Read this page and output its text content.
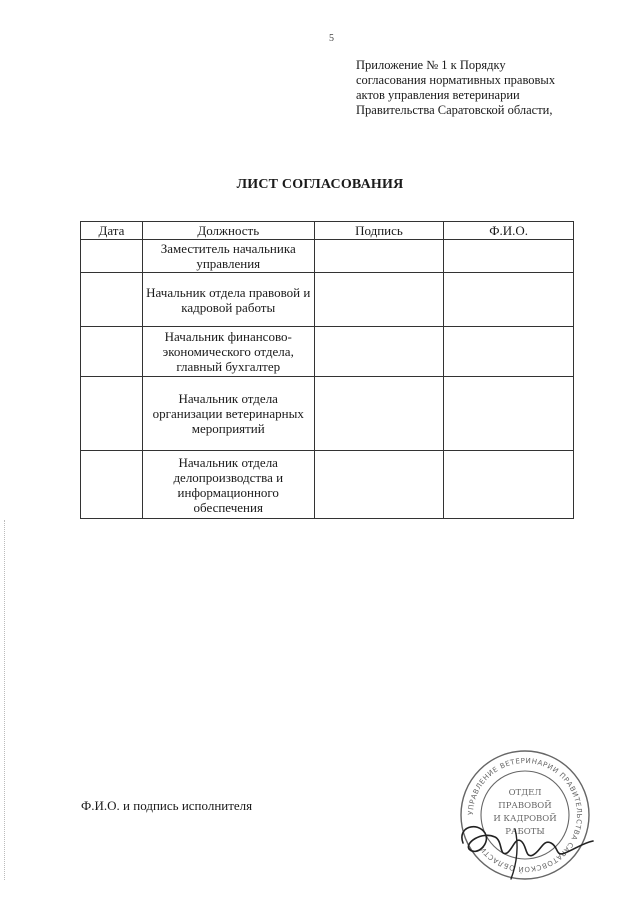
5
Приложение № 1 к Порядку
согласования нормативных правовых
актов управления ветеринарии
Правительства Саратовской области,
ЛИСТ СОГЛАСОВАНИЯ
Дата	Должность	Подпись	Ф.И.О.
	Заместитель начальника управления		
	Начальник отдела правовой и кадровой работы		
	Начальник финансово-экономического отдела, главный бухгалтер		
	Начальник отдела организации ветеринарных мероприятий		
	Начальник отдела делопроизводства и информационного обеспечения		
Ф.И.О. и подпись исполнителя	УПРАВЛЕНИЕ ВЕТЕРИНАРИИ ПРАВИТЕЛЬСТВА САРАТОВСКОЙ ОБЛАСТИ
ОТДЕЛ
ПРАВОВОЙ
И КАДРОВОЙ
РАБОТЫ
